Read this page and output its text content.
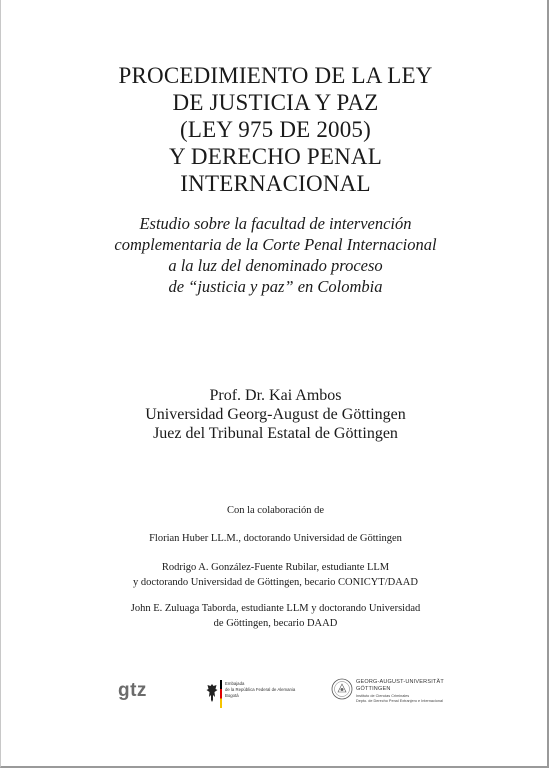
PROCEDIMIENTO DE LA LEY
DE JUSTICIA Y PAZ
(LEY 975 DE 2005)
Y DERECHO PENAL
INTERNACIONAL
Estudio sobre la facultad de intervención
complementaria de la Corte Penal Internacional
a la luz del denominado proceso
de “justicia y paz” en Colombia
Prof. Dr. Kai Ambos
Universidad Georg-August de Göttingen
Juez del Tribunal Estatal de Göttingen
Con la colaboración de
Florian Huber LL.M., doctorando Universidad de Göttingen
Rodrigo A. González-Fuente Rubilar, estudiante LLM
y doctorando Universidad de Göttingen, becario CONICYT/DAAD
John E. Zuluaga Taborda, estudiante LLM y doctorando Universidad
de Göttingen, becario DAAD
gtz	Embajada
de la República Federal de Alemania
Bogotá
GEORG-AUGUST-UNIVERSITÄT
GÖTTINGEN
Instituto de Ciencias Criminales
Depto. de Derecho Penal Extranjero e Internacional
